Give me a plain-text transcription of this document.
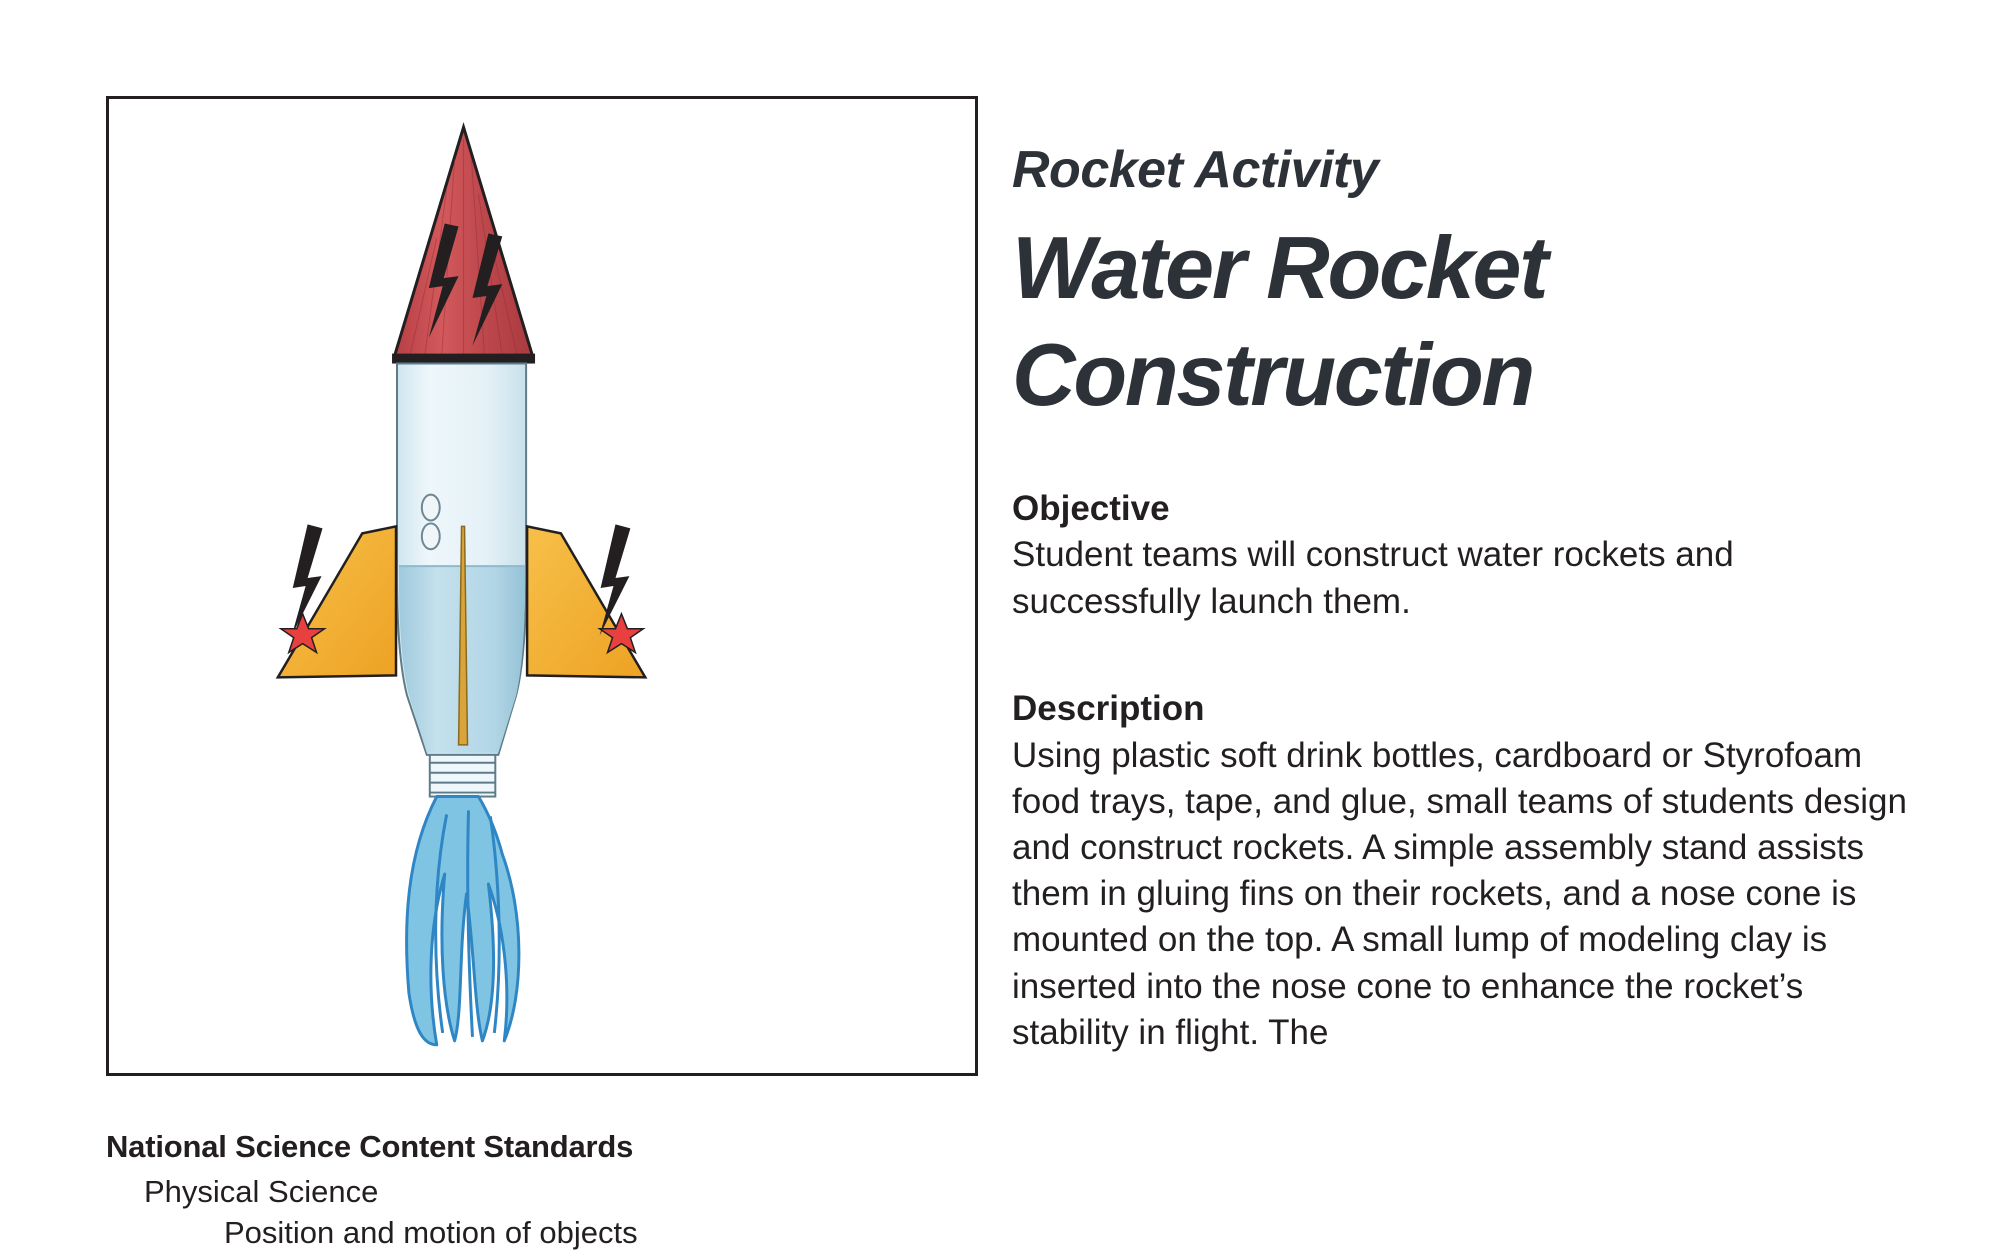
National Science Content Standards

Physical Science

Position and motion of objects

Rocket Activity
Water Rocket Construction
Objective

Student teams will construct water rockets and successfully launch them.

Description

Using plastic soft drink bottles, cardboard or Styrofoam food trays, tape, and glue, small teams of students design and construct rockets. A simple assembly stand assists them in gluing fins on their rockets, and a nose cone is mounted on the top. A small lump of modeling clay is inserted into the nose cone to enhance the rocket’s stability in flight. The
